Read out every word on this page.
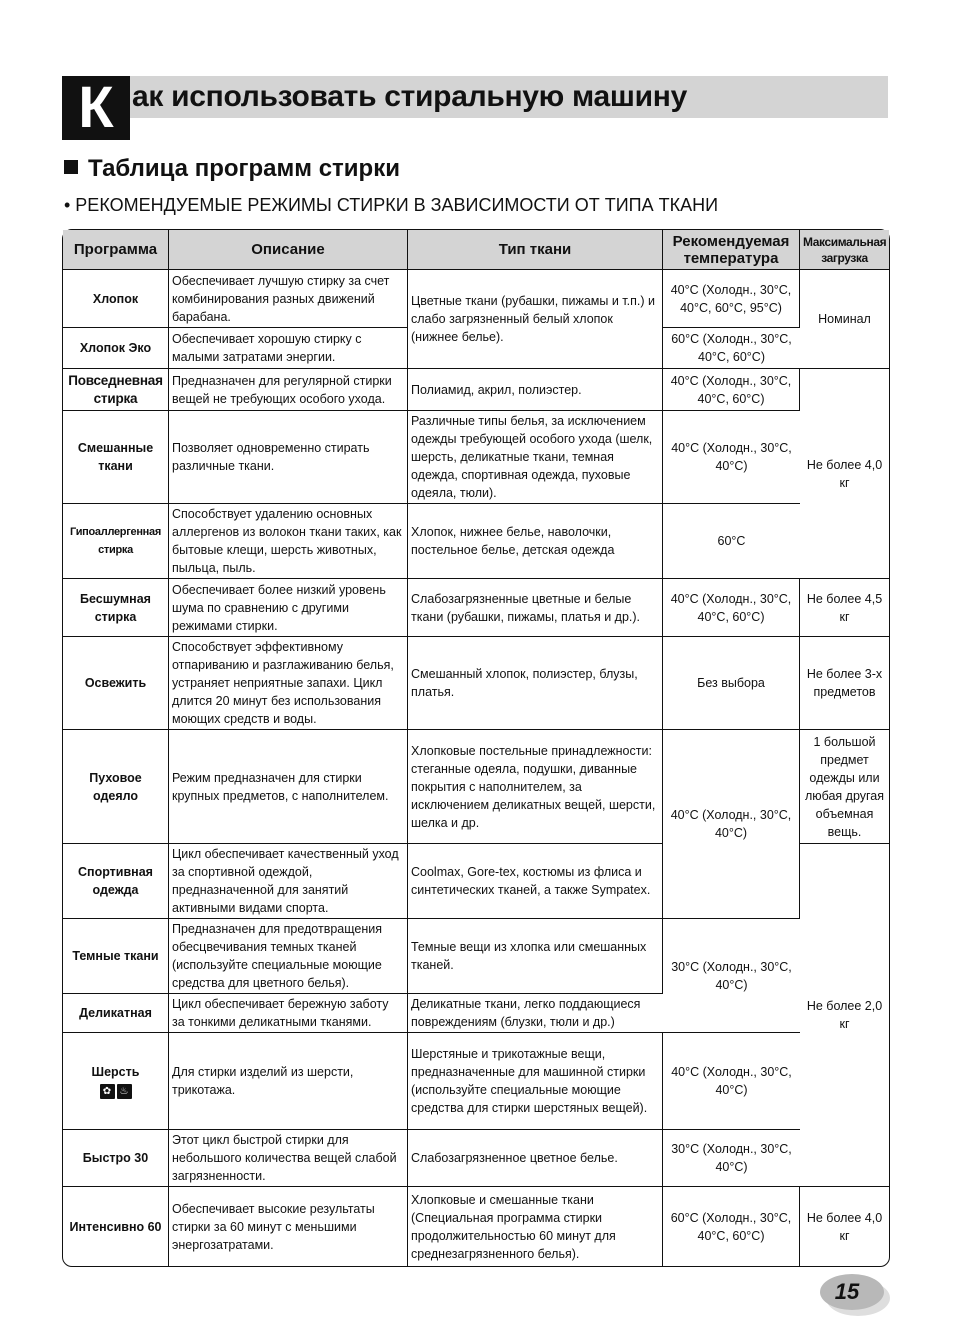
К ак использовать стиральную машину
Таблица программ стирки
• РЕКОМЕНДУЕМЫЕ РЕЖИМЫ СТИРКИ В ЗАВИСИМОСТИ ОТ ТИПА ТКАНИ
Программа	Описание	Тип ткани	Рекомендуемая температура	Максимальная загрузка
Хлопок	Обеспечивает лучшую стирку за счет комбинирования разных движений барабана.	Цветные ткани (рубашки, пижамы и т.п.) и слабо загрязненный белый хлопок (нижнее белье).	40°C (Холодн., 30°C, 40°C, 60°C, 95°C)	Номинал
Хлопок Эко	Обеспечивает хорошую стирку с малыми затратами энергии.		60°C (Холодн., 30°C, 40°C, 60°C)	
Повседневная стирка	Предназначен для регулярной стирки вещей не требующих особого ухода.	Полиамид, акрил, полиэстер.	40°C (Холодн., 30°C, 40°C, 60°C)	Не более 4,0 кг
Смешанные ткани	Позволяет одновременно стирать различные ткани.	Различные типы белья, за исключением одежды требующей особого ухода (шелк, шерсть, деликатные ткани, темная одежда, спортивная одежда, пуховые одеяла, тюли).	40°C (Холодн., 30°C, 40°C)	
Гипоаллергенная стирка	Способствует удалению основных аллергенов из волокон ткани таких, как бытовые клещи, шерсть животных, пыльца, пыль.	Хлопок, нижнее белье, наволочки, постельное белье, детская одежда	60°C	
Бесшумная стирка	Обеспечивает более низкий уровень шума по сравнению с другими режимами стирки.	Слабозагрязненные цветные и белые ткани (рубашки, пижамы, платья и др.).	40°C (Холодн., 30°C, 40°C, 60°C)	Не более 4,5 кг
Освежить	Способствует эффективному отпариванию и разглаживанию белья, устраняет неприятные запахи. Цикл длится 20 минут без использования моющих средств и воды.	Смешанный хлопок, полиэстер, блузы, платья.	Без выбора	Не более 3-х предметов
Пуховое одеяло	Режим предназначен для стирки крупных предметов, с наполнителем.	Хлопковые постельные принадлежности: стеганные одеяла, подушки, диванные покрытия с наполнителем, за исключением деликатных вещей, шерсти, шелка и др.	40°C (Холодн., 30°C, 40°C)	1 большой предмет одежды или любая другая объемная вещь.
Спортивная одежда	Цикл обеспечивает качественный уход за спортивной одеждой, предназначенной для занятий активными видами спорта.	Coolmax, Gore-tex, костюмы из флиса и синтетических тканей, а также Sympatex.		Не более 2,0 кг
Темные ткани	Предназначен для предотвращения обесцвечивания темных тканей (используйте специальные моющие средства для цветного белья).	Темные вещи из хлопка или смешанных тканей.	30°C (Холодн., 30°C, 40°C)	
Деликатная	Цикл обеспечивает бережную заботу за тонкими деликатными тканями.	Деликатные ткани, легко поддающиеся повреждениям (блузки, тюли и др.)		

Шерсть
✿ ♨	Для стирки изделий из шерсти, трикотажа.	Шерстяные и трикотажные вещи, предназначенные для машинной стирки (используйте специальные моющие средства для стирки шерстяных вещей).	40°C (Холодн., 30°C, 40°C)	
Быстро 30	Этот цикл быстрой стирки для небольшого количества вещей слабой загрязненности.	Слабозагрязненное цветное белье.	30°C (Холодн., 30°C, 40°C)	
Интенсивно 60	Обеспечивает высокие результаты стирки за 60 минут с меньшими энергозатратами.	Хлопковые и смешанные ткани (Специальная программа стирки продолжительностью 60 минут для среднезагрязненного белья).	60°C (Холодн., 30°C, 40°C, 60°C)	Не более 4,0 кг
15
